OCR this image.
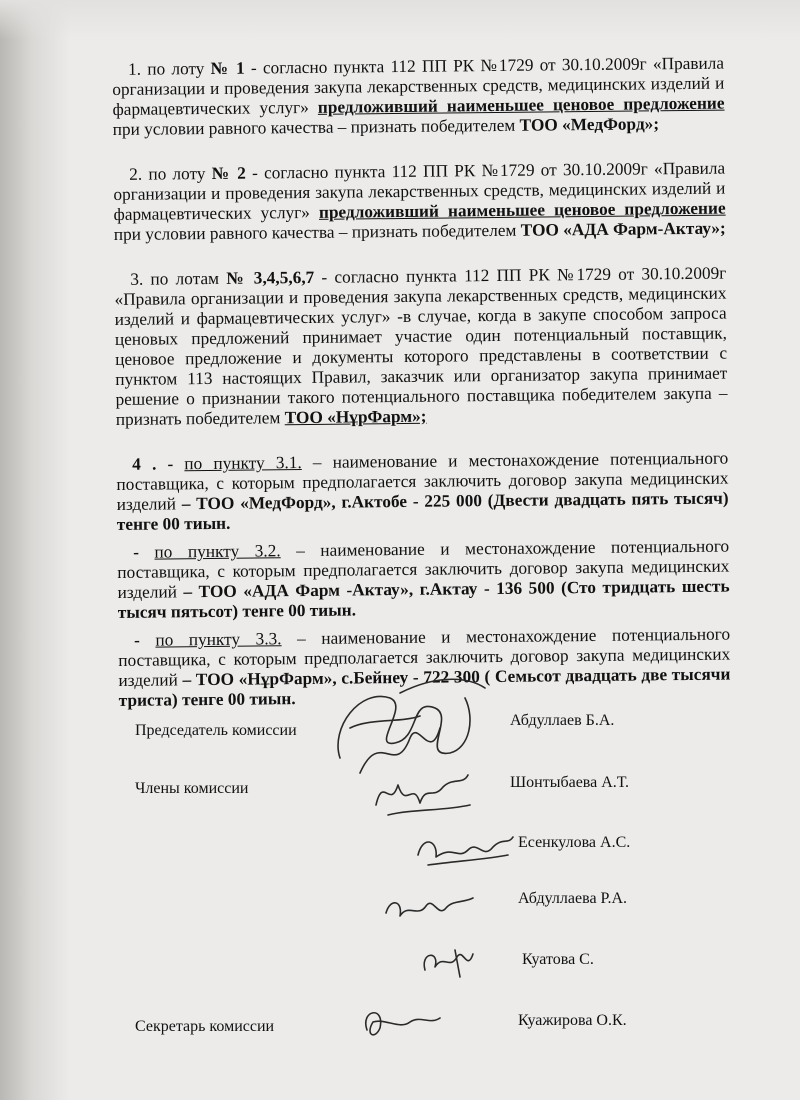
1. по лоту № 1 - согласно пункта 112 ПП РК №1729 от 30.10.2009г «Правила организации и проведения закупа лекарственных средств, медицинских изделий и фармацевтических услуг» предложивший наименьшее ценовое предложение при условии равного качества – признать победителем ТОО «МедФорд»;

2. по лоту № 2 - согласно пункта 112 ПП РК №1729 от 30.10.2009г «Правила организации и проведения закупа лекарственных средств, медицинских изделий и фармацевтических услуг» предложивший наименьшее ценовое предложение при условии равного качества – признать победителем ТОО «АДА Фарм-Актау»;

3. по лотам № 3,4,5,6,7 - согласно пункта 112 ПП РК №1729 от 30.10.2009г «Правила организации и проведения закупа лекарственных средств, медицинских изделий и фармацевтических услуг» -в случае, когда в закупе способом запроса ценовых предложений принимает участие один потенциальный поставщик, ценовое предложение и документы которого представлены в соответствии с пунктом 113 настоящих Правил, заказчик или организатор закупа принимает решение о признании такого потенциального поставщика победителем закупа – признать победителем ТОО «НұрФарм»;

4 . - по пункту 3.1. – наименование и местонахождение потенциального поставщика, с которым предполагается заключить договор закупа медицинских изделий – ТОО «МедФорд», г.Актобе - 225 000 (Двести двадцать пять тысяч) тенге 00 тиын.

- по пункту 3.2. – наименование и местонахождение потенциального поставщика, с которым предполагается заключить договор закупа медицинских изделий – ТОО «АДА Фарм -Актау», г.Актау - 136 500 (Сто тридцать шесть тысяч пятьсот) тенге 00 тиын.

- по пункту 3.3. – наименование и местонахождение потенциального поставщика, с которым предполагается заключить договор закупа медицинских изделий – ТОО «НұрФарм», с.Бейнеу - 722 300 ( Семьсот двадцать две тысячи триста) тенге 00 тиын.

Председатель комиссии
Абдуллаев Б.А.
Члены комиссии	Шонтыбаева А.Т.
Есенкулова А.С.
Абдуллаева Р.А.
Куатова С.
Секретарь комиссии	Куажирова О.К.
